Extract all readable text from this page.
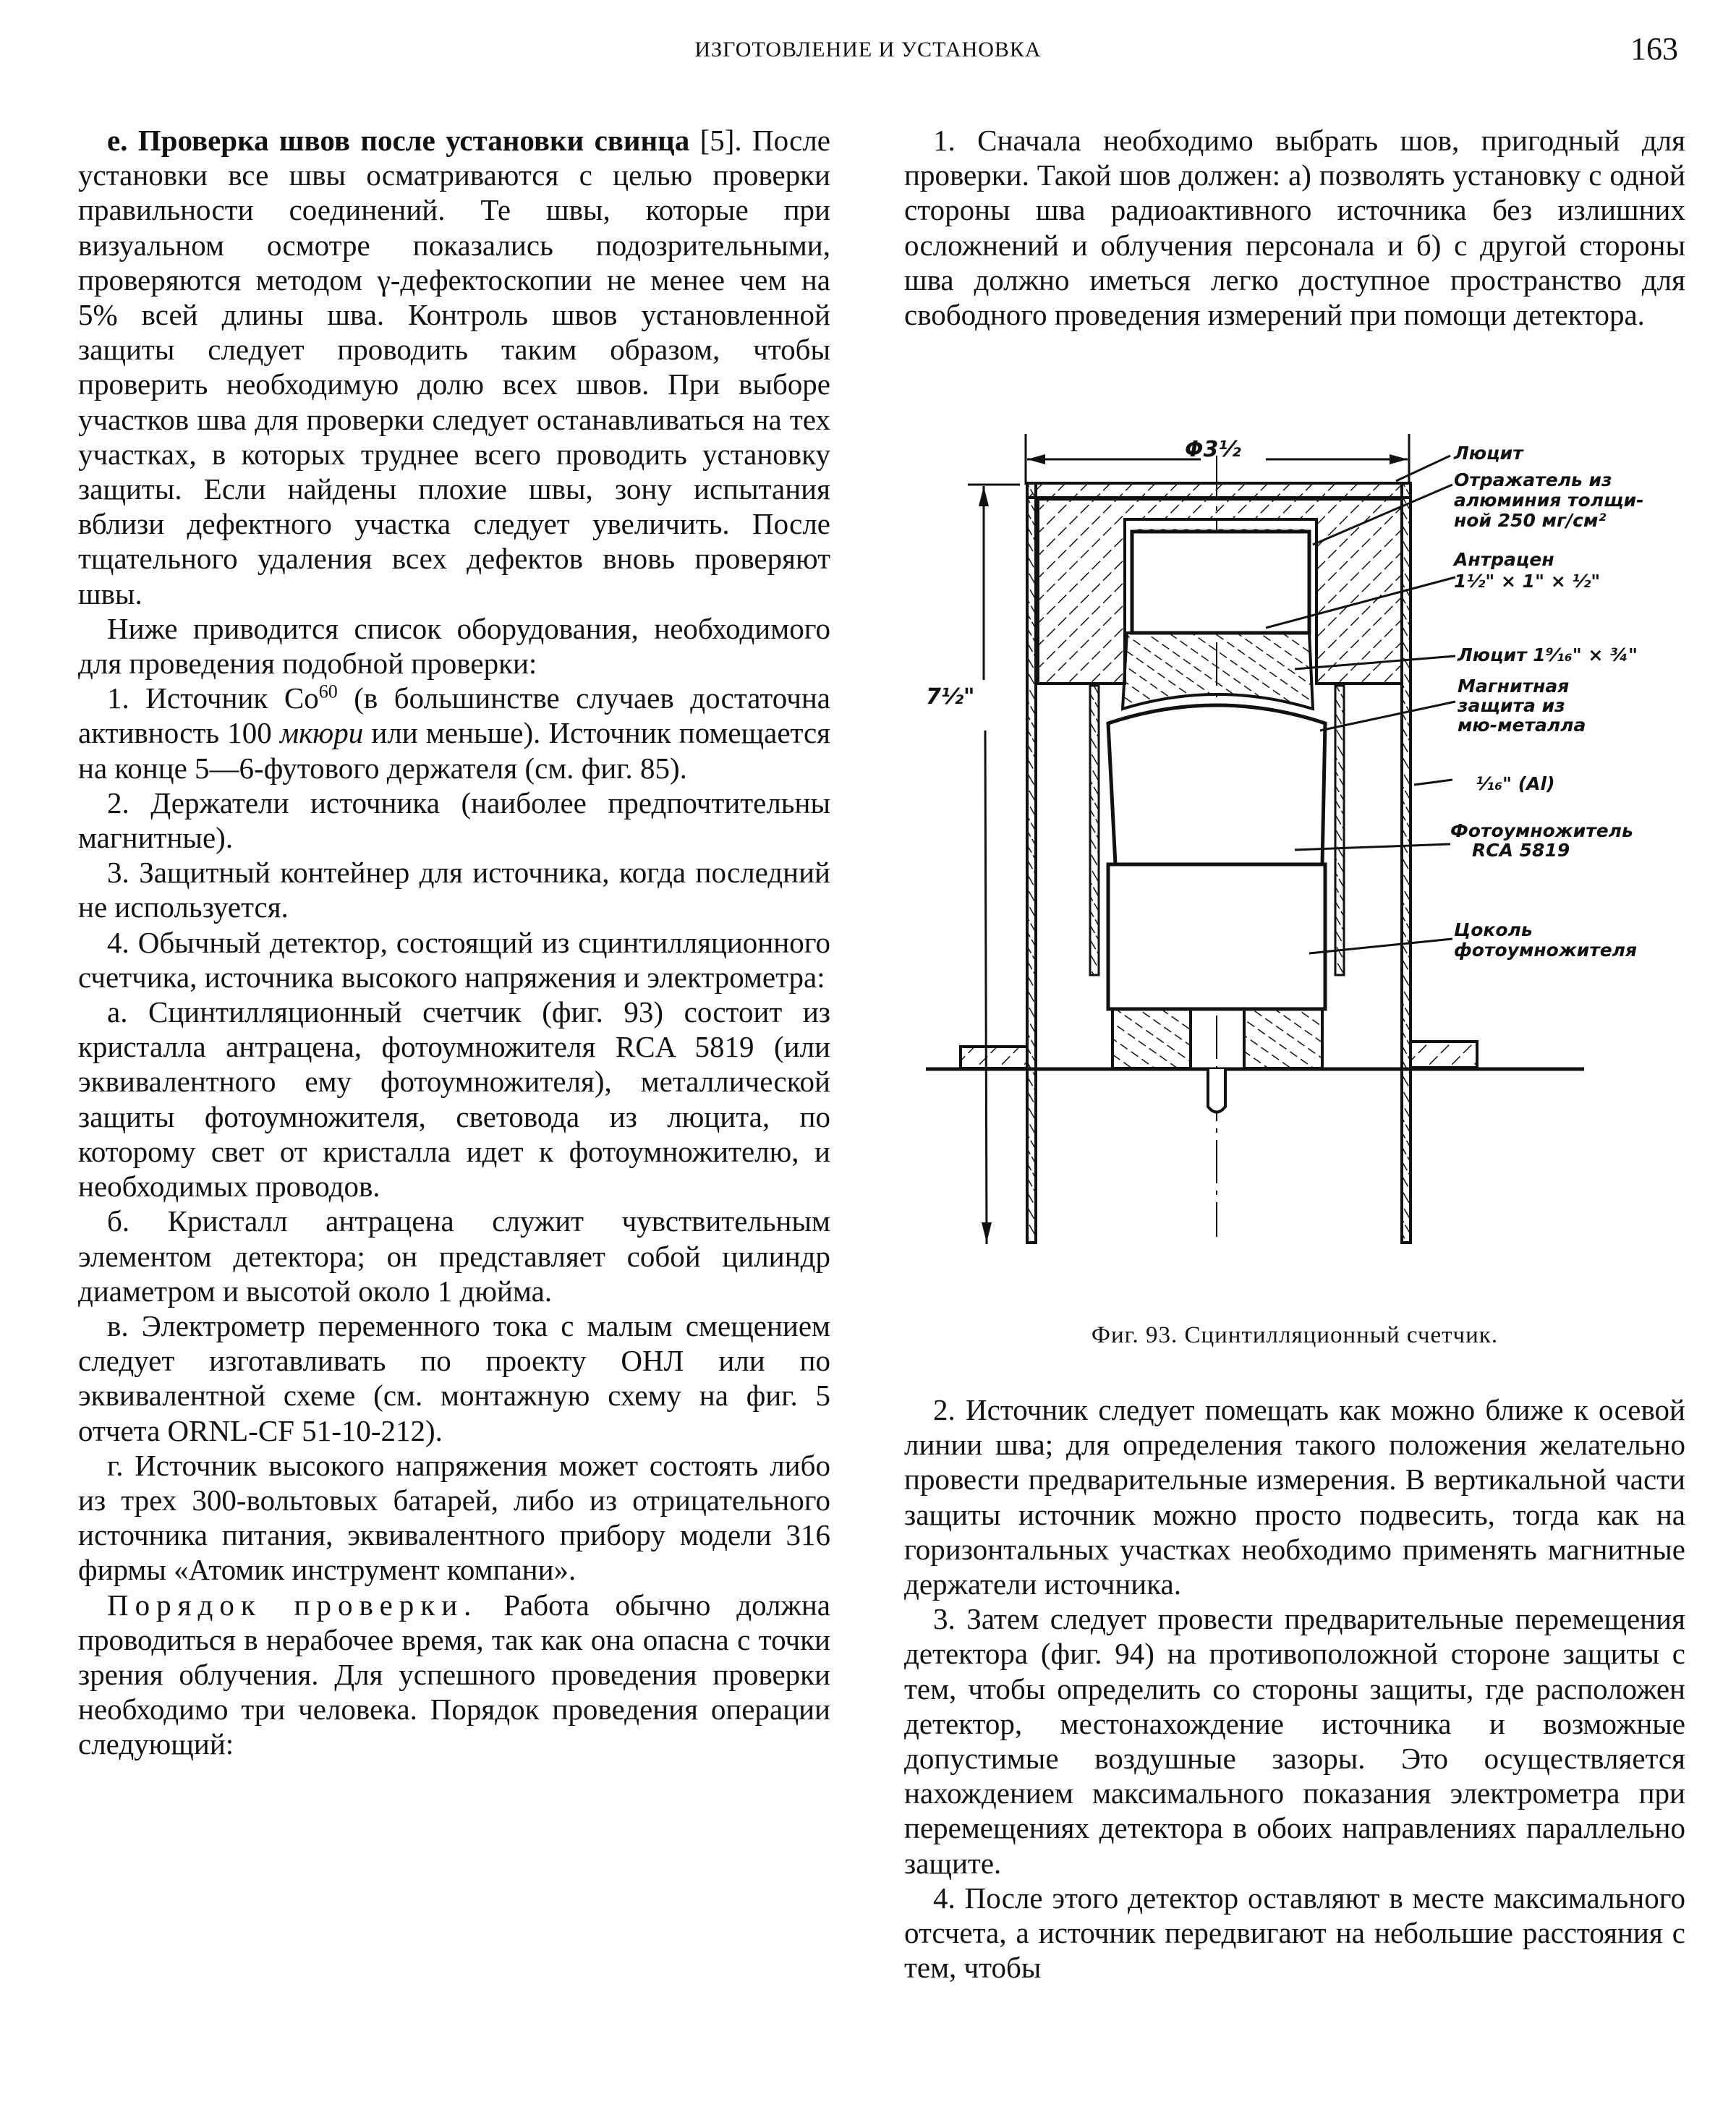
ИЗГОТОВЛЕНИЕ И УСТАНОВКА	163

е. Проверка швов после установки свинца [5]. После установки все швы осматриваются с целью проверки правильности соединений. Те швы, которые при визуальном осмотре показались подозрительными, проверяются методом γ-дефектоскопии не менее чем на 5% всей длины шва. Контроль швов установленной защиты следует проводить таким образом, чтобы проверить необходимую долю всех швов. При выборе участков шва для проверки следует останавливаться на тех участках, в которых труднее всего проводить установку защиты. Если найдены плохие швы, зону испытания вблизи дефектного участка следует увеличить. После тщательного удаления всех дефектов вновь проверяют швы.

Ниже приводится список оборудования, необходимого для проведения подобной проверки:

1. Источник Co$^{60}$ (в большинстве случаев достаточна активность 100 мкюри или меньше). Источник помещается на конце 5—6-футового держателя (см. фиг. 85).

2. Держатели источника (наиболее предпочтительны магнитные).

3. Защитный контейнер для источника, когда последний не используется.

4. Обычный детектор, состоящий из сцинтилляционного счетчика, источника высокого напряжения и электрометра:

а. Сцинтилляционный счетчик (фиг. 93) состоит из кристалла антрацена, фотоумножителя RCA 5819 (или эквивалентного ему фотоумножителя), металлической защиты фотоумножителя, световода из люцита, по которому свет от кристалла идет к фотоумножителю, и необходимых проводов.

б. Кристалл антрацена служит чувствительным элементом детектора; он представляет собой цилиндр диаметром и высотой около 1 дюйма.

в. Электрометр переменного тока с малым смещением следует изготавливать по проекту ОНЛ или по эквивалентной схеме (см. монтажную схему на фиг. 5 отчета ORNL-CF 51-10-212).

г. Источник высокого напряжения может состоять либо из трех 300-вольтовых батарей, либо из отрицательного источника питания, эквивалентного прибору модели 316 фирмы «Атомик инструмент компани».

Порядок проверки. Работа обычно должна проводиться в нерабочее время, так как она опасна с точки зрения облучения. Для успешного проведения проверки необходимо три человека. Порядок проведения операции следующий:

1. Сначала необходимо выбрать шов, пригодный для проверки. Такой шов должен: а) позволять установку с одной стороны шва радиоактивного источника без излишних осложнений и облучения персонала и б) с другой стороны шва должно иметься легко доступное пространство для свободного проведения измерений при помощи детектора.

Φ3½
7½"
Люцит
Отражатель из
алюминия толщи-
ной 250 мг/см²
Антрацен
1½" × 1" × ½"
Люцит 1⁹⁄₁₆" × ¾"
Магнитная
защита из
мю-металла
¹⁄₁₆" (Al)
Фотоумножитель
RCA 5819
Цоколь
фотоумножителя
Фиг. 93. Сцинтилляционный счетчик.

2. Источник следует помещать как можно ближе к осевой линии шва; для определения такого положения желательно провести предварительные измерения. В вертикальной части защиты источник можно просто подвесить, тогда как на горизонтальных участках необходимо применять магнитные держатели источника.

3. Затем следует провести предварительные перемещения детектора (фиг. 94) на противоположной стороне защиты с тем, чтобы определить со стороны защиты, где расположен детектор, местонахождение источника и возможные допустимые воздушные зазоры. Это осуществляется нахождением максимального показания электрометра при перемещениях детектора в обоих направлениях параллельно защите.

4. После этого детектор оставляют в месте максимального отсчета, а источник передвигают на небольшие расстояния с тем, чтобы
